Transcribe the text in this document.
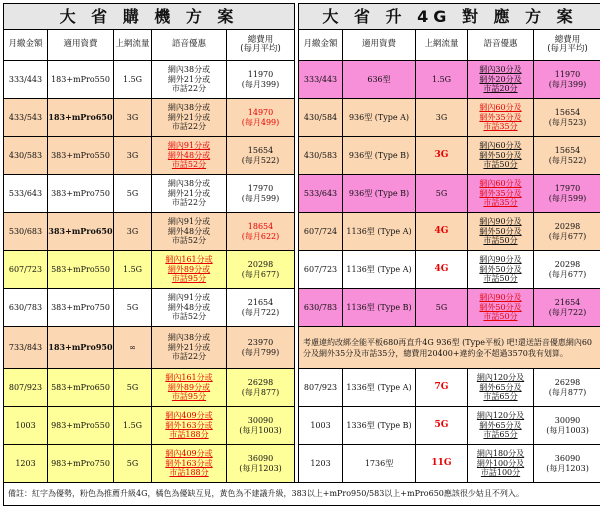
大 省 購 機 方 案						大 省 升 4G 對 應 方 案				
月繳金額	適用資費	上網流量	語音優惠	總費用
(每月平均)		月繳金額	適用資費	上網流量	語音優惠	總費用
(每月平均)

333/443	183+mPro550	1.5G	網內38分或
網外21分或
市話22分	11970
(每月399)		333/443	636型	1.5G	網內30分及
網外20分及
市話20分	11970
(每月399)

433/543	183+mPro650	3G	網內38分或
網外21分或
市話22分	14970
(每月499)		430/584	936型 (Type A)	3G	網內60分及
網外35分及
市話35分	15654
(每月523)

430/583	383+mPro550	3G	網內91分或
網外48分或
市話52分	15654
(每月522)		430/583	936型 (Type B)	3G	網內60分及
網外50分及
市話50分	15654
(每月522)

533/643	383+mPro750	5G	網內38分或
網外21分或
市話22分	17970
(每月599)		533/643	936型 (Type B)	5G	網內60分及
網外35分及
市話35分	17970
(每月599)

530/683	383+mPro650	3G	網內91分或
網外48分或
市話52分	18654
(每月622)		607/724	1136型 (Type A)	4G	網內90分及
網外50分及
市話50分	20298
(每月677)

607/723	583+mPro550	1.5G	網內161分或
網外89分或
市話95分	20298
(每月677)		607/723	1136型 (Type A)	4G	網內90分及
網外50分及
市話50分	20298
(每月677)

630/783	383+mPro750	5G	網內91分或
網外48分或
市話52分	21654
(每月722)		630/783	1136型 (Type B)	5G	網內90分及
網外50分及
市話50分	21654
(每月722)

733/843	183+mPro950	∞	網內38分或
網外21分或
市話22分	23970
(每月799)		考慮違約改綁全能平板680再直升4G 936型 (Type平板) 吧!還送語音優惠網內60分及網外35分及市話35分，總費用20400+違約金不超過3570我有划算。				
807/923	583+mPro650	5G	網內161分或
網外89分或
市話95分	26298
(每月877)		807/923	1336型 (Type A)	7G	網內120分及
網外65分及
市話65分	26298
(每月877)

1003	983+mPro550	1.5G	網內409分或
網外163分或
市話188分	30090
(每月1003)		1003	1336型 (Type B)	5G	網內120分及
網外65分及
市話65分	30090
(每月1003)

1203	983+mPro750	5G	網內409分或
網外163分或
市話188分	36090
(每月1203)		1203	1736型	11G	網內180分及
網外100分及
市話100分	36090
(每月1203)

備註：紅字為優勢，粉色為推薦升級4G，橘色為優缺互見，黃色為不建議升級，383以上+mPro950/583以上+mPro650應該很少姑且不列入。										
